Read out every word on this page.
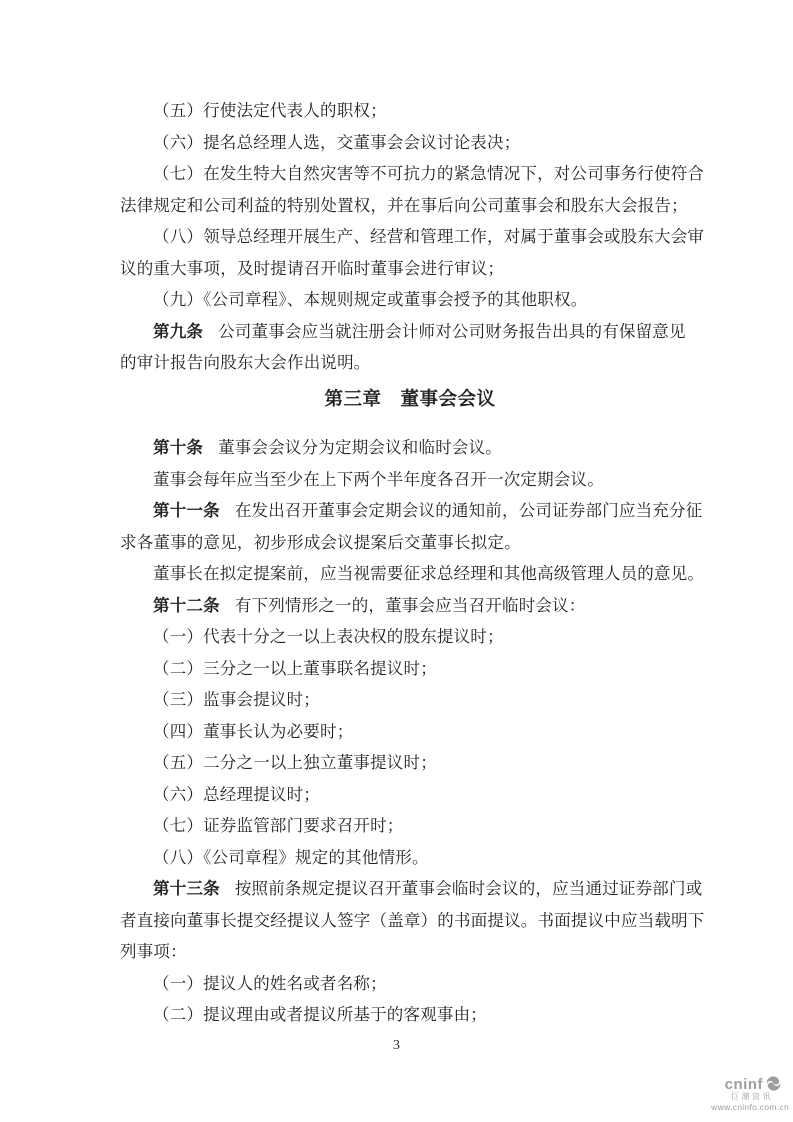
（五）行使法定代表人的职权；

（六）提名总经理人选，交董事会会议讨论表决；

（七）在发生特大自然灾害等不可抗力的紧急情况下，对公司事务行使符合

法律规定和公司利益的特别处置权，并在事后向公司董事会和股东大会报告；

（八）领导总经理开展生产、经营和管理工作，对属于董事会或股东大会审

议的重大事项，及时提请召开临时董事会进行审议；

（九）《公司章程》、本规则规定或董事会授予的其他职权。

第九条 公司董事会应当就注册会计师对公司财务报告出具的有保留意见

的审计报告向股东大会作出说明。

第三章　董事会会议

第十条 董事会会议分为定期会议和临时会议。

董事会每年应当至少在上下两个半年度各召开一次定期会议。

第十一条 在发出召开董事会定期会议的通知前，公司证券部门应当充分征

求各董事的意见，初步形成会议提案后交董事长拟定。

董事长在拟定提案前，应当视需要征求总经理和其他高级管理人员的意见。

第十二条 有下列情形之一的，董事会应当召开临时会议：

（一）代表十分之一以上表决权的股东提议时；

（二）三分之一以上董事联名提议时；

（三）监事会提议时；

（四）董事长认为必要时；

（五）二分之一以上独立董事提议时；

（六）总经理提议时；

（七）证券监管部门要求召开时；

（八）《公司章程》规定的其他情形。

第十三条 按照前条规定提议召开董事会临时会议的，应当通过证券部门或

者直接向董事长提交经提议人签字（盖章）的书面提议。书面提议中应当载明下

列事项：

（一）提议人的姓名或者名称；

（二）提议理由或者提议所基于的客观事由；

3
cninf
巨潮资讯
www.cninfo.com.cn
